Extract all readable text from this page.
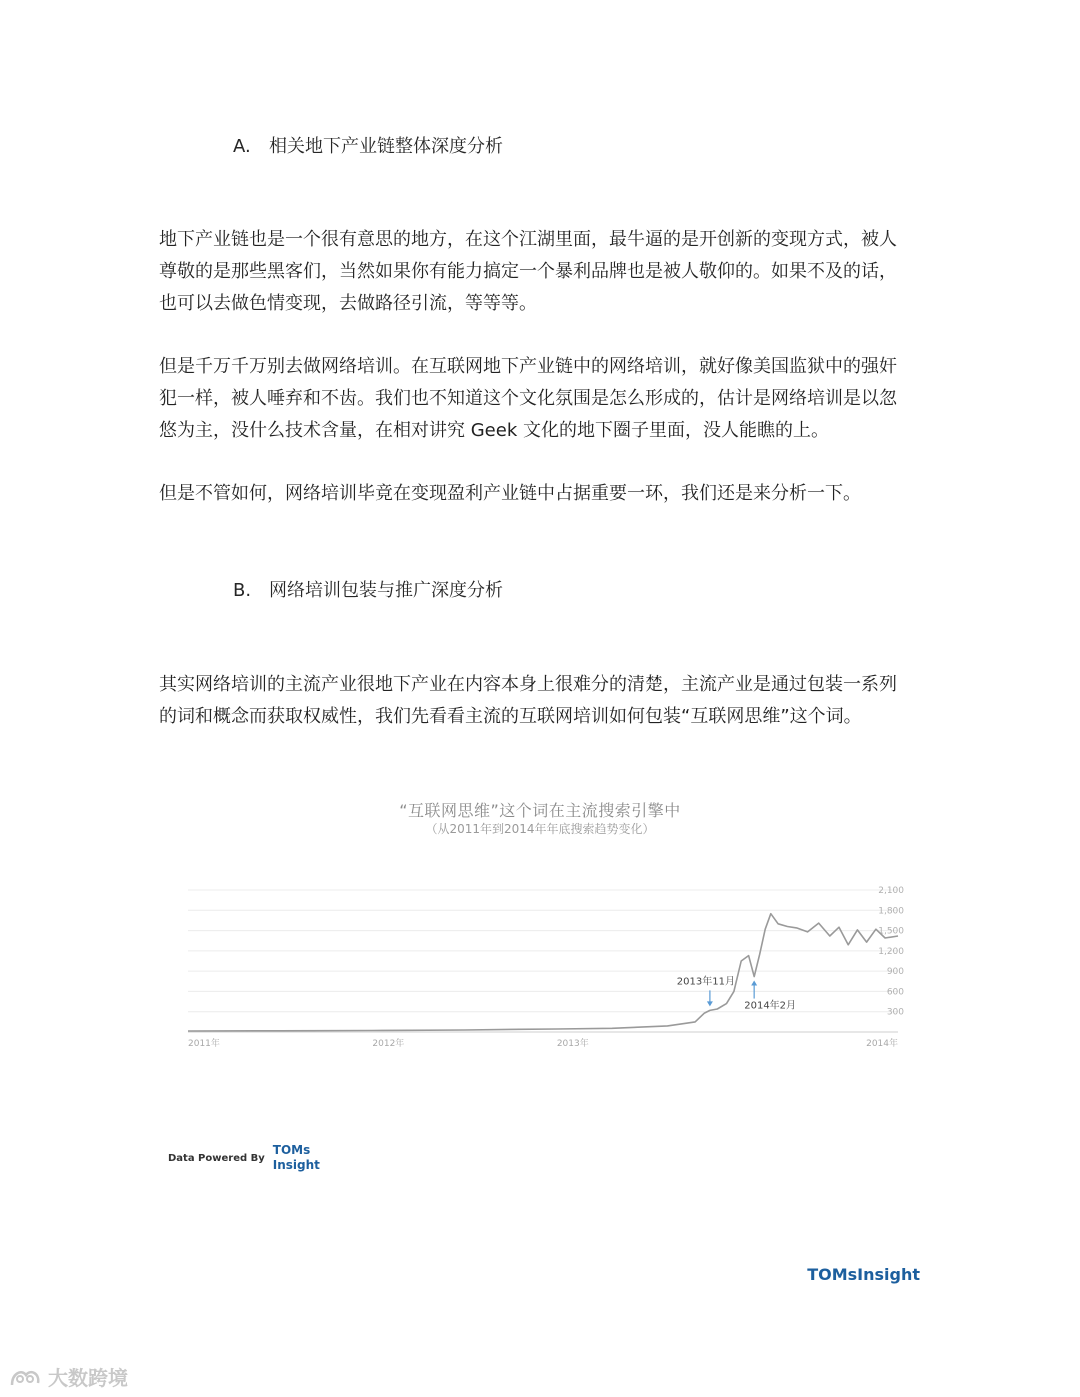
A. 相关地下产业链整体深度分析
地下产业链也是一个很有意思的地方，在这个江湖里面，最牛逼的是开创新的变现方式，被人
尊敬的是那些黑客们，当然如果你有能力搞定一个暴利品牌也是被人敬仰的。如果不及的话，
也可以去做色情变现，去做路径引流，等等等。
但是千万千万别去做网络培训。在互联网地下产业链中的网络培训，就好像美国监狱中的强奸
犯一样，被人唾弃和不齿。我们也不知道这个文化氛围是怎么形成的，估计是网络培训是以忽
悠为主，没什么技术含量，在相对讲究 Geek 文化的地下圈子里面，没人能瞧的上。
但是不管如何，网络培训毕竟在变现盈利产业链中占据重要一环，我们还是来分析一下。
B. 网络培训包装与推广深度分析
其实网络培训的主流产业很地下产业在内容本身上很难分的清楚，主流产业是通过包装一系列
的词和概念而获取权威性，我们先看看主流的互联网培训如何包装“互联网思维”这个词。
“互联网思维”这个词在主流搜索引擎中
（从2011年到2014年年底搜索趋势变化）
300
600
900
1,200
1,500
1,800
2,100
2011年	2012年	2013年	2014年
2013年11月
2014年2月
Data Powered By
TOMs
Insight
TOMsInsight
大数跨境
